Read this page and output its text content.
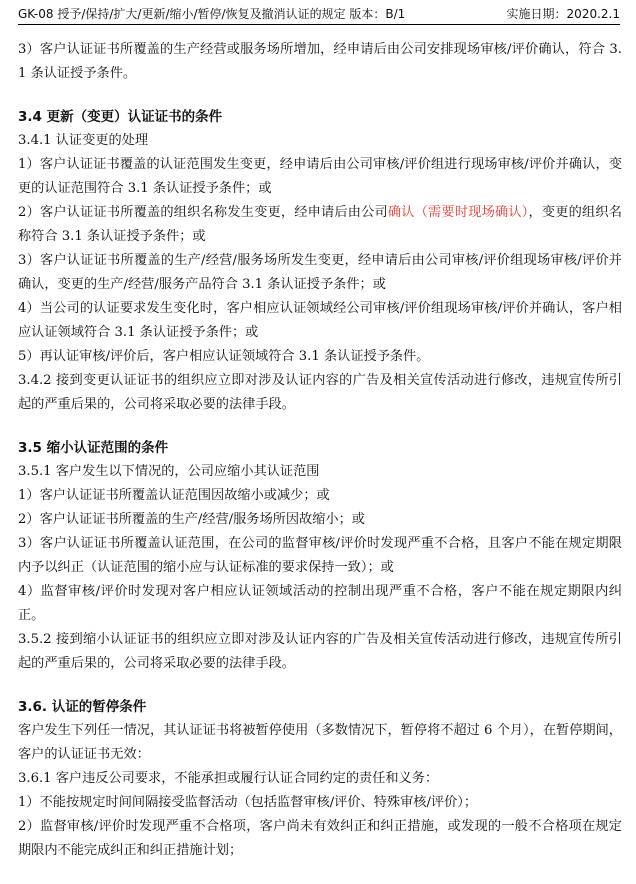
GK-08 授予/保持/扩大/更新/缩小/暂停/恢复及撤消认证的规定 版本：B/1	实施日期：2020.2.1

3）客户认证证书所覆盖的生产经营或服务场所增加，经申请后由公司安排现场审核/评价确认，符合 3.1 条认证授予条件。

3.4 更新（变更）认证证书的条件

3.4.1 认证变更的处理

1）客户认证证书覆盖的认证范围发生变更，经申请后由公司审核/评价组进行现场审核/评价并确认，变更的认证范围符合 3.1 条认证授予条件；或

2）客户认证证书所覆盖的组织名称发生变更，经申请后由公司确认（需要时现场确认），变更的组织名称符合 3.1 条认证授予条件；或

3）客户认证证书所覆盖的生产/经营/服务场所发生变更，经申请后由公司审核/评价组现场审核/评价并确认，变更的生产/经营/服务产品符合 3.1 条认证授予条件；或

4）当公司的认证要求发生变化时，客户相应认证领域经公司审核/评价组现场审核/评价并确认，客户相应认证领域符合 3.1 条认证授予条件；或

5）再认证审核/评价后，客户相应认证领域符合 3.1 条认证授予条件。

3.4.2 接到变更认证证书的组织应立即对涉及认证内容的广告及相关宣传活动进行修改，违规宣传所引起的严重后果的，公司将采取必要的法律手段。

3.5 缩小认证范围的条件

3.5.1 客户发生以下情况的，公司应缩小其认证范围

1）客户认证证书所覆盖认证范围因故缩小或减少；或

2）客户认证证书所覆盖的生产/经营/服务场所因故缩小；或

3）客户认证证书所覆盖认证范围，在公司的监督审核/评价时发现严重不合格，且客户不能在规定期限内予以纠正（认证范围的缩小应与认证标准的要求保持一致）；或

4）监督审核/评价时发现对客户相应认证领域活动的控制出现严重不合格，客户不能在规定期限内纠正。

3.5.2 接到缩小认证证书的组织应立即对涉及认证内容的广告及相关宣传活动进行修改，违规宣传所引起的严重后果的，公司将采取必要的法律手段。

3.6. 认证的暂停条件

客户发生下列任一情况，其认证证书将被暂停使用（多数情况下，暂停将不超过 6 个月），在暂停期间，客户的认证证书无效：

3.6.1 客户违反公司要求，不能承担或履行认证合同约定的责任和义务：

1）不能按规定时间间隔接受监督活动（包括监督审核/评价、特殊审核/评价）；

2）监督审核/评价时发现严重不合格项，客户尚未有效纠正和纠正措施，或发现的一般不合格项在规定期限内不能完成纠正和纠正措施计划；
